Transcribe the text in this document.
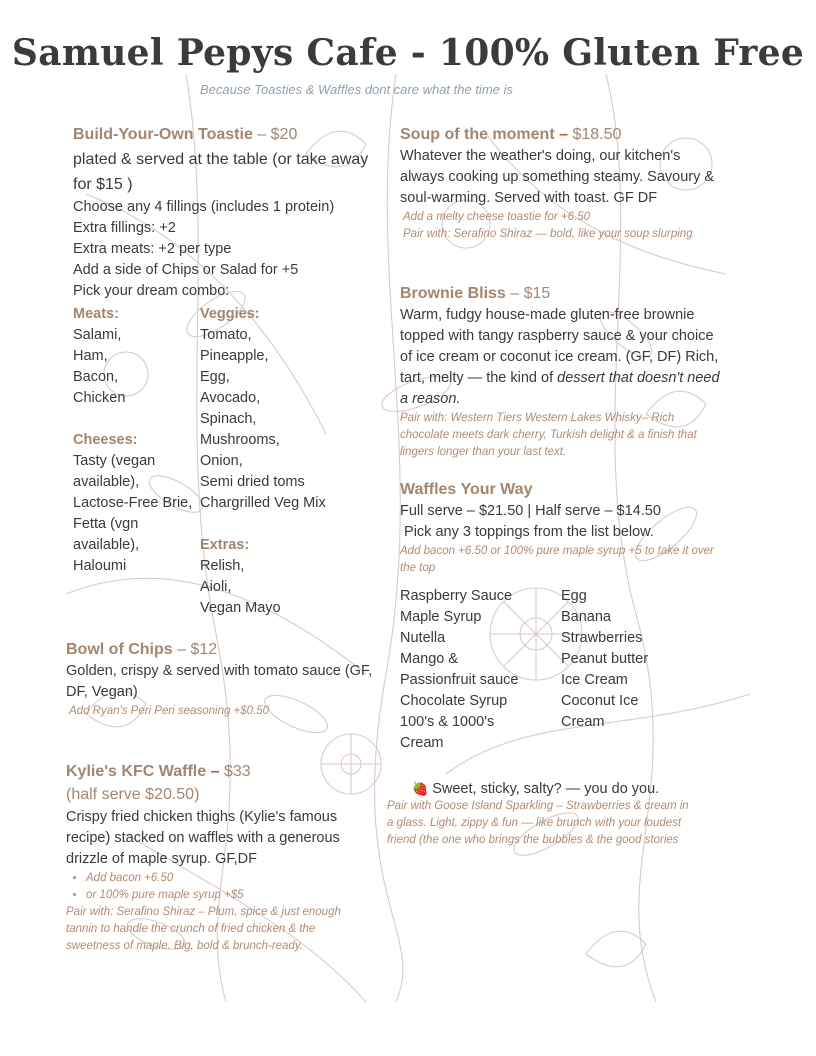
Samuel Pepys Cafe - 100% Gluten Free
Because Toasties & Waffles dont care what the time is
Build-Your-Own Toastie – $20
plated & served at the table (or take away for $15 )
Choose any 4 fillings (includes 1 protein)
Extra fillings: +2
Extra meats: +2 per type
Add a side of Chips or Salad for +5
Pick your dream combo:
Meats:
Salami,
Ham,
Bacon,
Chicken
Cheeses:
Tasty (vegan available),
Lactose-Free Brie,
Fetta (vgn available),
Haloumi
Veggies:
Tomato,
Pineapple,
Egg,
Avocado,
Spinach,
Mushrooms,
Onion,
Semi dried toms
Chargrilled Veg Mix
Extras:
Relish,
Aioli,
Vegan Mayo
Bowl of Chips – $12
Golden, crispy & served with tomato sauce (GF, DF, Vegan)
Add Ryan's Peri Peri seasoning +$0.50
Kylie's KFC Waffle – $33
(half serve $20.50)
Crispy fried chicken thighs (Kylie's famous recipe) stacked on waffles with a generous drizzle of maple syrup. GF,DF
• Add bacon +6.50
• or 100% pure maple syrup +$5
Pair with: Serafino Shiraz – Plum, spice & just enough tannin to handle the crunch of fried chicken & the sweetness of maple. Big, bold & brunch-ready.
Soup of the moment – $18.50
Whatever the weather's doing, our kitchen's always cooking up something steamy. Savoury & soul-warming. Served with toast. GF DF
Add a melty cheese toastie for +6.50
Pair with: Serafino Shiraz — bold, like your soup slurping
Brownie Bliss – $15
Warm, fudgy house-made gluten-free brownie topped with tangy raspberry sauce & your choice of ice cream or coconut ice cream. (GF, DF) Rich, tart, melty — the kind of dessert that doesn't need a reason.
Pair with: Western Tiers Western Lakes Whisky– Rich chocolate meets dark cherry, Turkish delight & a finish that lingers longer than your last text.
Waffles Your Way
Full serve – $21.50 | Half serve – $14.50
Pick any 3 toppings from the list below.
Add bacon +6.50 or 100% pure maple syrup +5 to take it over the top
Raspberry Sauce
Maple Syrup
Nutella
Mango &
Passionfruit sauce
Chocolate Syrup
100's & 1000's
Cream
Egg
Banana
Strawberries
Peanut butter
Ice Cream
Coconut Ice
Cream
🍓 Sweet, sticky, salty? — you do you.
Pair with Goose Island Sparkling – Strawberries & cream in a glass. Light, zippy & fun — like brunch with your loudest friend (the one who brings the bubbles & the good stories
